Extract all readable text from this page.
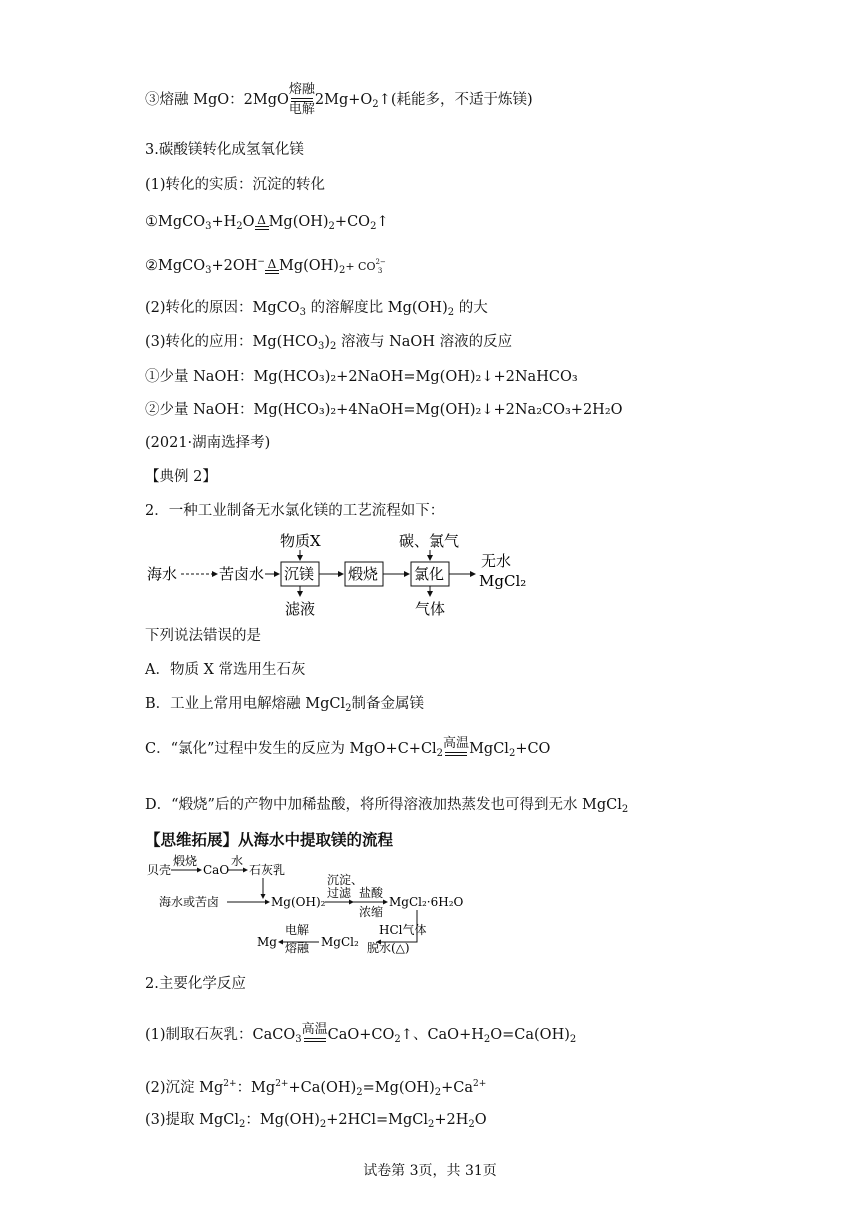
③熔融 MgO：2MgO
熔融
电解
$2Mg+O_2↑$(耗能多，不适于炼镁)
3.碳酸镁转化成氢氧化镁
(1)转化的实质：沉淀的转化
$①MgCO_3+H_2O$ Δ $Mg(OH)_2+CO_2↑$
②MgCO$_3$+2OH− Δ $Mg(OH)_2+ CO^{2-}_3$
(2)转化的原因：MgCO$_3$ 的溶解度比 $Mg(OH)_2$ 的大
(3)转化的应用：$Mg(HCO_3)_2$ 溶液与 NaOH 溶液的反应
①少量 NaOH：Mg(HCO₃)₂+2NaOH=Mg(OH)₂↓+2NaHCO₃
②少量 NaOH：Mg(HCO₃)₂+4NaOH=Mg(OH)₂↓+2Na₂CO₃+2H₂O
(2021·湖南选择考)
【典例 2】
2．一种工业制备无水氯化镁的工艺流程如下：
海水	苦卤水 沉镁
物质X
滤液
煅烧 氯化
碳、氯气
气体
无水
MgCl₂
下列说法错误的是
A．物质 X 常选用生石灰
B．工业上常用电解熔融 MgCl$_2$制备金属镁
C．“氯化”过程中发生的反应为 $MgO+C+Cl_2$
高温 MgCl$_2$+CO
D．“煅烧”后的产物中加稀盐酸，将所得溶液加热蒸发也可得到无水 MgCl$_2$
【思维拓展】从海水中提取镁的流程
贝壳
煅烧
CaO
水
石灰乳
海水或苦卤	Mg(OH)₂
沉淀、
过滤 盐酸
浓缩
MgCl₂·6H₂O
HCl气体
脱水(△)
MgCl₂
电解
熔融
Mg
2.主要化学反应
(1)制取石灰乳：CaCO$_3$
高温 $CaO+CO_2↑$、$CaO+H_2O=Ca(OH)_2$
(2)沉淀 $Mg^{2+}$：$Mg^{2+}+Ca(OH)_2=Mg(OH)_2+Ca^{2+}$
(3)提取 MgCl$_2$：$Mg(OH)_2+2HCl=MgCl_2+2H_2O$
试卷第 3页，共 31页
